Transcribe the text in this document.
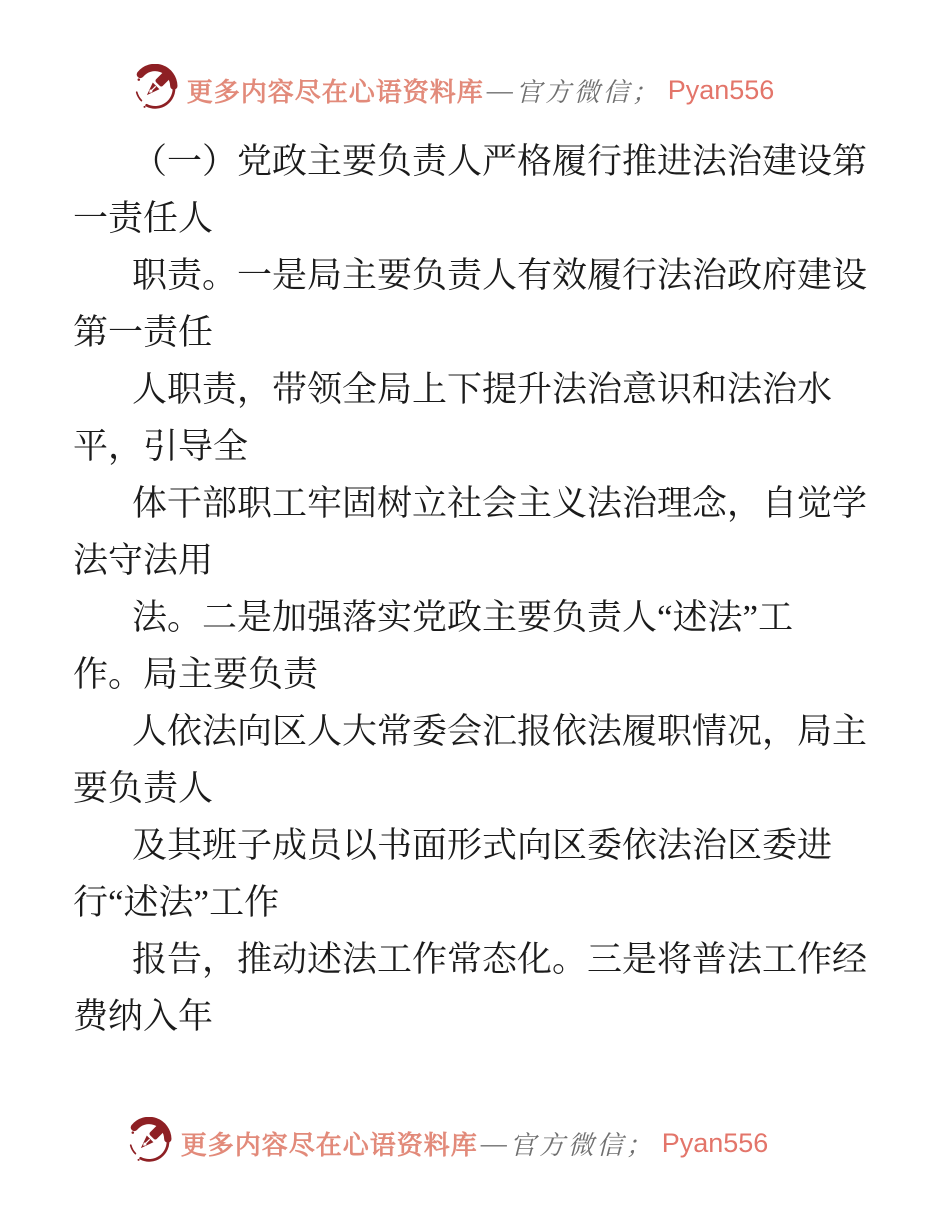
更多内容尽在心语资料库 — 官方微信； Pyan556
（一）党政主要负责人严格履行推进法治建设第
一责任人
职责。一是局主要负责人有效履行法治政府建设
第一责任
人职责，带领全局上下提升法治意识和法治水
平，引导全
体干部职工牢固树立社会主义法治理念，自觉学
法守法用
法。二是加强落实党政主要负责人“述法”工
作。局主要负责
人依法向区人大常委会汇报依法履职情况，局主
要负责人
及其班子成员以书面形式向区委依法治区委进
行“述法”工作
报告，推动述法工作常态化。三是将普法工作经
费纳入年
更多内容尽在心语资料库 — 官方微信； Pyan556
